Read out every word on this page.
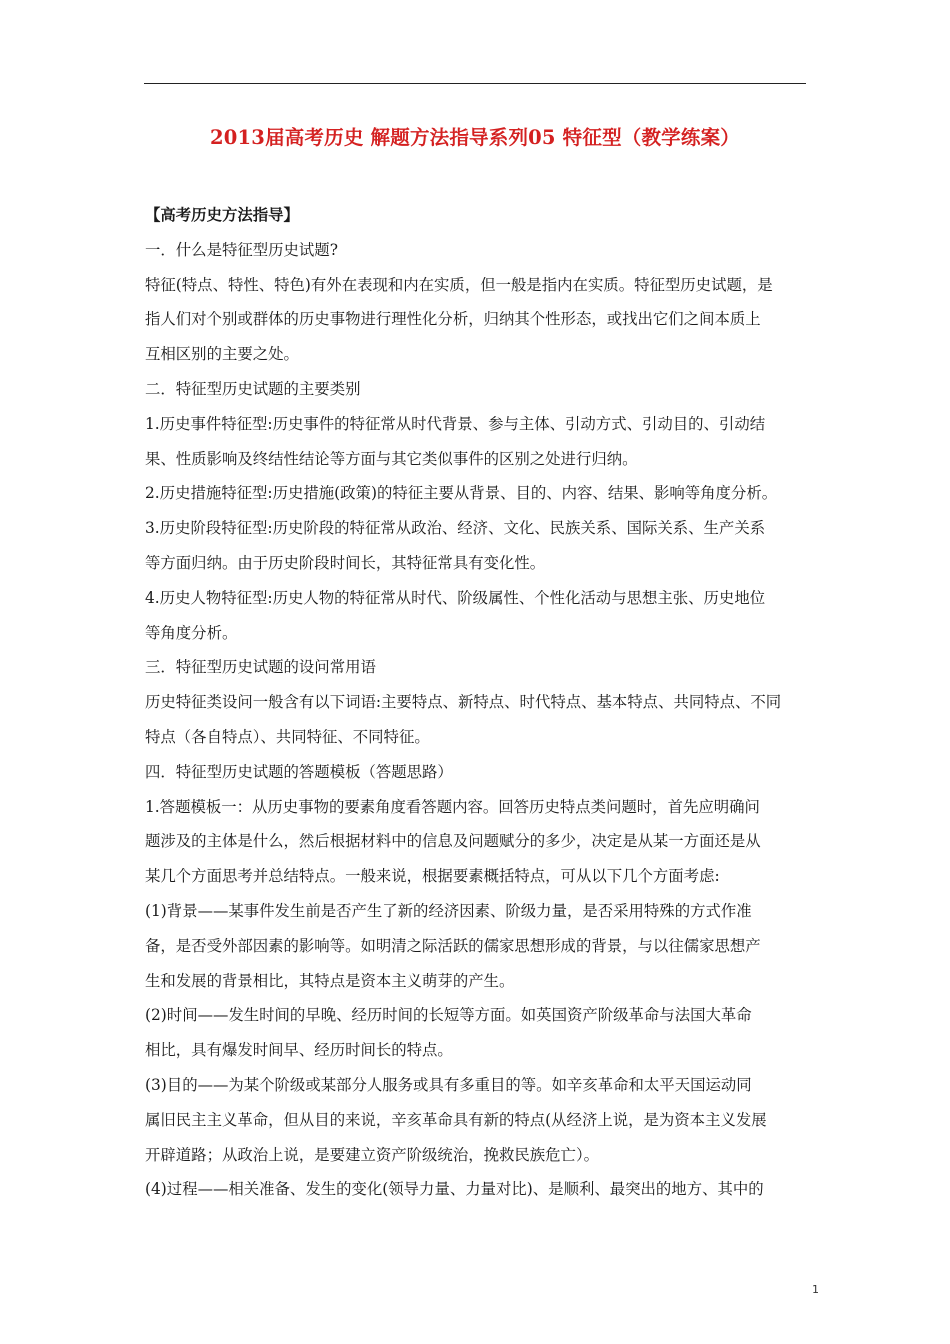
2013届高考历史 解题方法指导系列05 特征型（教学练案）

【高考历史方法指导】

一．什么是特征型历史试题?

特征(特点、特性、特色)有外在表现和内在实质，但一般是指内在实质。特征型历史试题，是

指人们对个别或群体的历史事物进行理性化分析，归纳其个性形态，或找出它们之间本质上

互相区别的主要之处。

二．特征型历史试题的主要类别

1.历史事件特征型:历史事件的特征常从时代背景、参与主体、引动方式、引动目的、引动结

果、性质影响及终结性结论等方面与其它类似事件的区别之处进行归纳。

2.历史措施特征型:历史措施(政策)的特征主要从背景、目的、内容、结果、影响等角度分析。

3.历史阶段特征型:历史阶段的特征常从政治、经济、文化、民族关系、国际关系、生产关系

等方面归纳。由于历史阶段时间长，其特征常具有变化性。

4.历史人物特征型:历史人物的特征常从时代、阶级属性、个性化活动与思想主张、历史地位

等角度分析。

三．特征型历史试题的设问常用语

历史特征类设问一般含有以下词语:主要特点、新特点、时代特点、基本特点、共同特点、不同

特点（各自特点）、共同特征、不同特征。

四．特征型历史试题的答题模板（答题思路）

1.答题模板一：从历史事物的要素角度看答题内容。回答历史特点类问题时，首先应明确问

题涉及的主体是什么，然后根据材料中的信息及问题赋分的多少，决定是从某一方面还是从

某几个方面思考并总结特点。一般来说，根据要素概括特点，可从以下几个方面考虑:

(1)背景——某事件发生前是否产生了新的经济因素、阶级力量，是否采用特殊的方式作准

备，是否受外部因素的影响等。如明清之际活跃的儒家思想形成的背景，与以往儒家思想产

生和发展的背景相比，其特点是资本主义萌芽的产生。

(2)时间——发生时间的早晚、经历时间的长短等方面。如英国资产阶级革命与法国大革命

相比，具有爆发时间早、经历时间长的特点。

(3)目的——为某个阶级或某部分人服务或具有多重目的等。如辛亥革命和太平天国运动同

属旧民主主义革命，但从目的来说，辛亥革命具有新的特点(从经济上说，是为资本主义发展

开辟道路；从政治上说，是要建立资产阶级统治，挽救民族危亡）。

(4)过程——相关准备、发生的变化(领导力量、力量对比)、是顺利、最突出的地方、其中的

1
